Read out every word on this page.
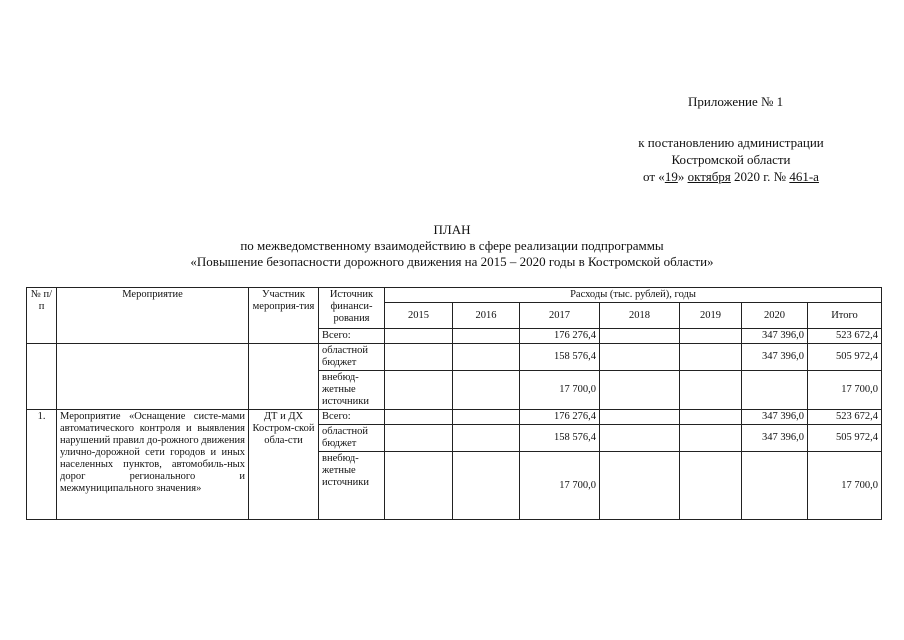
Приложение № 1
к постановлению администрации
Костромской области
от «19» октября 2020 г. № 461-а
ПЛАН
по межведомственному взаимодействию в сфере реализации подпрограммы
«Повышение безопасности дорожного движения на 2015 – 2020 годы в Костромской области»
№ п/п	Мероприятие	Участник мероприя-тия	Источник финанси-рования	Расходы (тыс. рублей), годы						
				2015	2016	2017	2018	2019	2020	Итого
			Всего:			176 276,4			347 396,0	523 672,4
			областной бюджет			158 576,4			347 396,0	505 972,4
			внебюд-жетные источники			17 700,0				17 700,0
1.	Мероприятие «Оснащение систе-мами автоматического контроля и выявления нарушений правил до-рожного движения улично-дорожной сети городов и иных населенных пунктов, автомобиль-ных дорог регионального и межмуниципального значения»	ДТ и ДХ Костром-ской обла-сти	Всего:			176 276,4			347 396,0	523 672,4
			областной бюджет			158 576,4			347 396,0	505 972,4
			внебюд-жетные источники			17 700,0				17 700,0
